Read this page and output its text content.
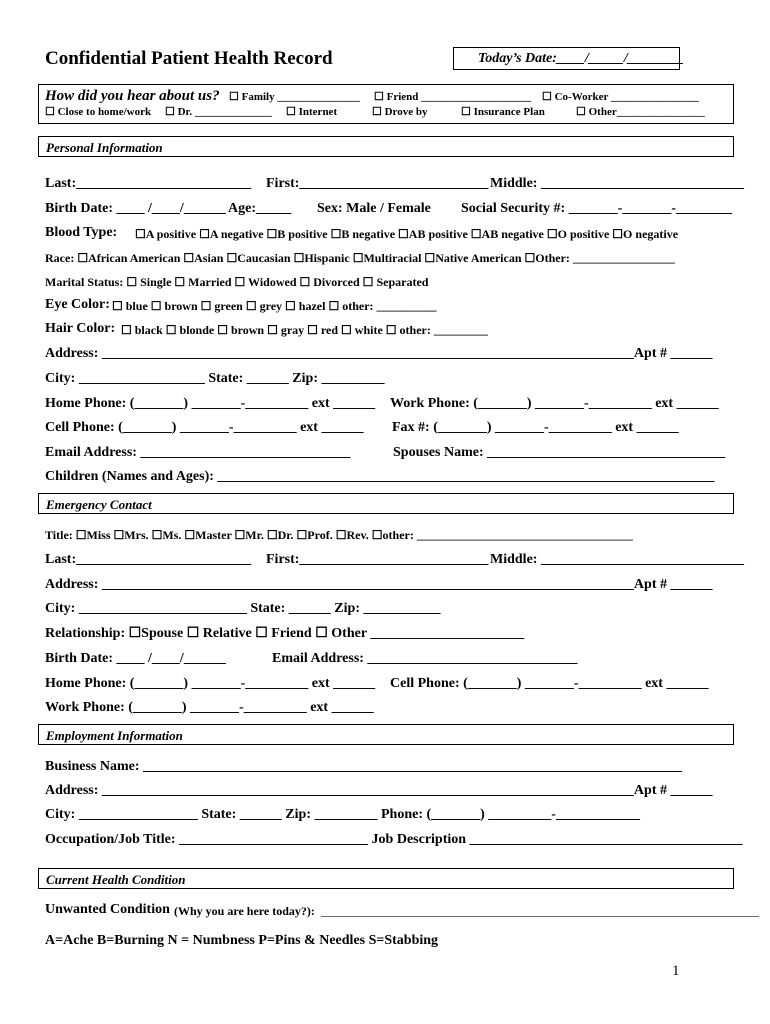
Confidential Patient Health Record	Today’s Date:____/_____/________
How did you hear about us? ☐ Family _______________ ☐ Friend ____________________ ☐ Co-Worker ________________
☐ Close to home/work ☐ Dr. ______________ ☐ Internet	☐ Drove by	☐ Insurance Plan	☐ Other________________
Personal Information
Last:_________________________ First:___________________________ Middle: _____________________________
Birth Date: ____ /____/______ Age:_____ Sex: Male / Female Social Security #: _______-_______-________
Blood Type: ☐A positive ☐A negative ☐B positive ☐B negative ☐AB positive ☐AB negative ☐O positive ☐O negative
Race: ☐African American ☐Asian ☐Caucasian ☐Hispanic ☐Multiracial ☐Native American ☐Other: _________________
Marital Status: ☐ Single ☐ Married ☐ Widowed ☐ Divorced ☐ Separated
Eye Color: ☐ blue ☐ brown ☐ green ☐ grey ☐ hazel ☐ other: __________
Hair Color: ☐ black ☐ blonde ☐ brown ☐ gray ☐ red ☐ white ☐ other: _________
Address: ____________________________________________________________________________Apt # ______
City: __________________ State: ______ Zip: _________
Home Phone: (_______) _______-_________ ext ______ Work Phone: (_______) _______-_________ ext ______
Cell Phone: (_______) _______-_________ ext ______ Fax #: (_______) _______-_________ ext ______
Email Address: ______________________________	Spouses Name: __________________________________
Children (Names and Ages): _______________________________________________________________________
Emergency Contact
Title: ☐Miss ☐Mrs. ☐Ms. ☐Master ☐Mr. ☐Dr. ☐Prof. ☐Rev. ☐other: ____________________________________
Last:_________________________ First:___________________________ Middle: _____________________________
Address: ____________________________________________________________________________Apt # ______
City: ________________________ State: ______ Zip: ___________
Relationship: ☐Spouse ☐ Relative ☐ Friend ☐ Other ______________________
Birth Date: ____ /____/______	Email Address: ______________________________
Home Phone: (_______) _______-_________ ext ______ Cell Phone: (_______) _______-_________ ext ______
Work Phone: (_______) _______-_________ ext ______
Employment Information
Business Name: _____________________________________________________________________________
Address: ____________________________________________________________________________Apt # ______
City: _________________ State: ______ Zip: _________ Phone: (_______) _________-____________
Occupation/Job Title: ___________________________ Job Description _______________________________________
Current Health Condition
Unwanted Condition (Why you are here today?): _________________________________________________________________________
A=Ache B=Burning N = Numbness P=Pins & Needles S=Stabbing
1
